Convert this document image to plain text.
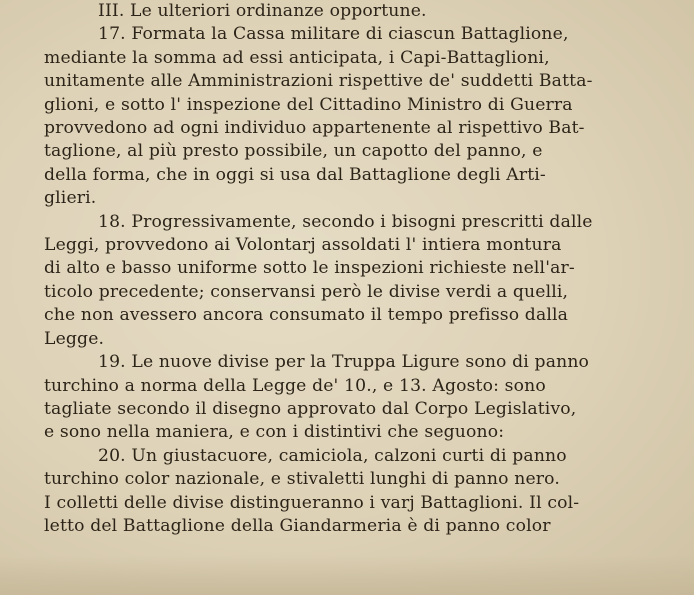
III. Le ulteriori ordinanze opportune.
17. Formata la Cassa militare di ciascun Battaglione,
mediante la somma ad essi anticipata, i Capi-Battaglioni,
unitamente alle Amministrazioni rispettive de' suddetti Batta-
glioni, e sotto l' inspezione del Cittadino Ministro di Guerra
provvedono ad ogni individuo appartenente al rispettivo Bat-
taglione, al più presto possibile, un capotto del panno, e
della forma, che in oggi si usa dal Battaglione degli Arti-
glieri.
18. Progressivamente, secondo i bisogni prescritti dalle
Leggi, provvedono ai Volontarj assoldati l' intiera montura
di alto e basso uniforme sotto le inspezioni richieste nell'ar-
ticolo precedente; conservansi però le divise verdi a quelli,
che non avessero ancora consumato il tempo prefisso dalla
Legge.
19. Le nuove divise per la Truppa Ligure sono di panno
turchino a norma della Legge de' 10., e 13. Agosto: sono
tagliate secondo il disegno approvato dal Corpo Legislativo,
e sono nella maniera, e con i distintivi che seguono:
20. Un giustacuore, camiciola, calzoni curti di panno
turchino color nazionale, e stivaletti lunghi di panno nero.
I colletti delle divise distingueranno i varj Battaglioni. Il col-
letto del Battaglione della Giandarmeria è di panno color
